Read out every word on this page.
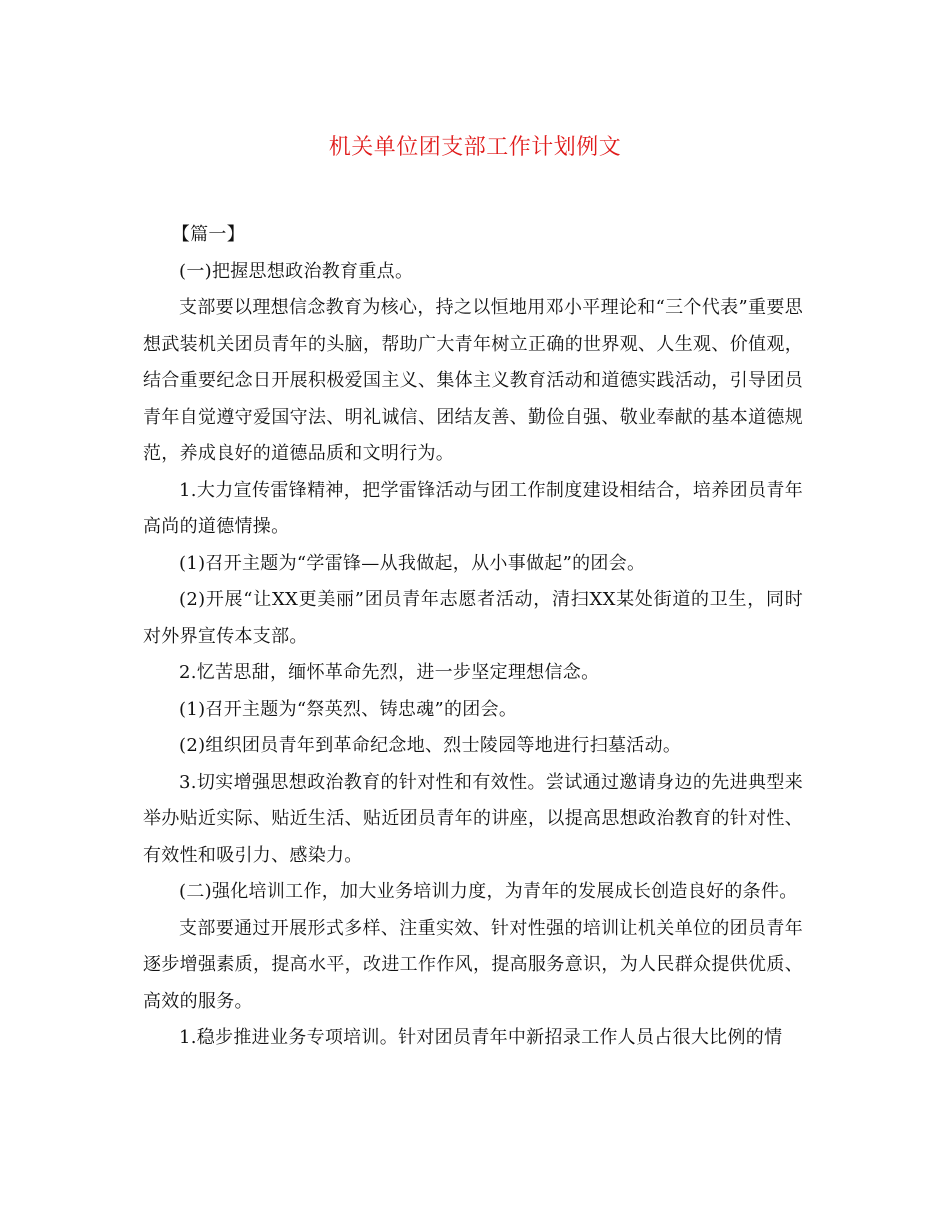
机关单位团支部工作计划例文

【篇一】

(一)把握思想政治教育重点。

支部要以理想信念教育为核心，持之以恒地用邓小平理论和“三个代表”重要思想武装机关团员青年的头脑，帮助广大青年树立正确的世界观、人生观、价值观，结合重要纪念日开展积极爱国主义、集体主义教育活动和道德实践活动，引导团员青年自觉遵守爱国守法、明礼诚信、团结友善、勤俭自强、敬业奉献的基本道德规范，养成良好的道德品质和文明行为。

1.大力宣传雷锋精神，把学雷锋活动与团工作制度建设相结合，培养团员青年高尚的道德情操。

(1)召开主题为“学雷锋—从我做起，从小事做起”的团会。

(2)开展“让XX更美丽”团员青年志愿者活动，清扫XX某处街道的卫生，同时对外界宣传本支部。

2.忆苦思甜，缅怀革命先烈，进一步坚定理想信念。

(1)召开主题为“祭英烈、铸忠魂”的团会。

(2)组织团员青年到革命纪念地、烈士陵园等地进行扫墓活动。

3.切实增强思想政治教育的针对性和有效性。尝试通过邀请身边的先进典型来举办贴近实际、贴近生活、贴近团员青年的讲座，以提高思想政治教育的针对性、有效性和吸引力、感染力。

(二)强化培训工作，加大业务培训力度，为青年的发展成长创造良好的条件。

支部要通过开展形式多样、注重实效、针对性强的培训让机关单位的团员青年逐步增强素质，提高水平，改进工作作风，提高服务意识，为人民群众提供优质、高效的服务。

1.稳步推进业务专项培训。针对团员青年中新招录工作人员占很大比例的情
